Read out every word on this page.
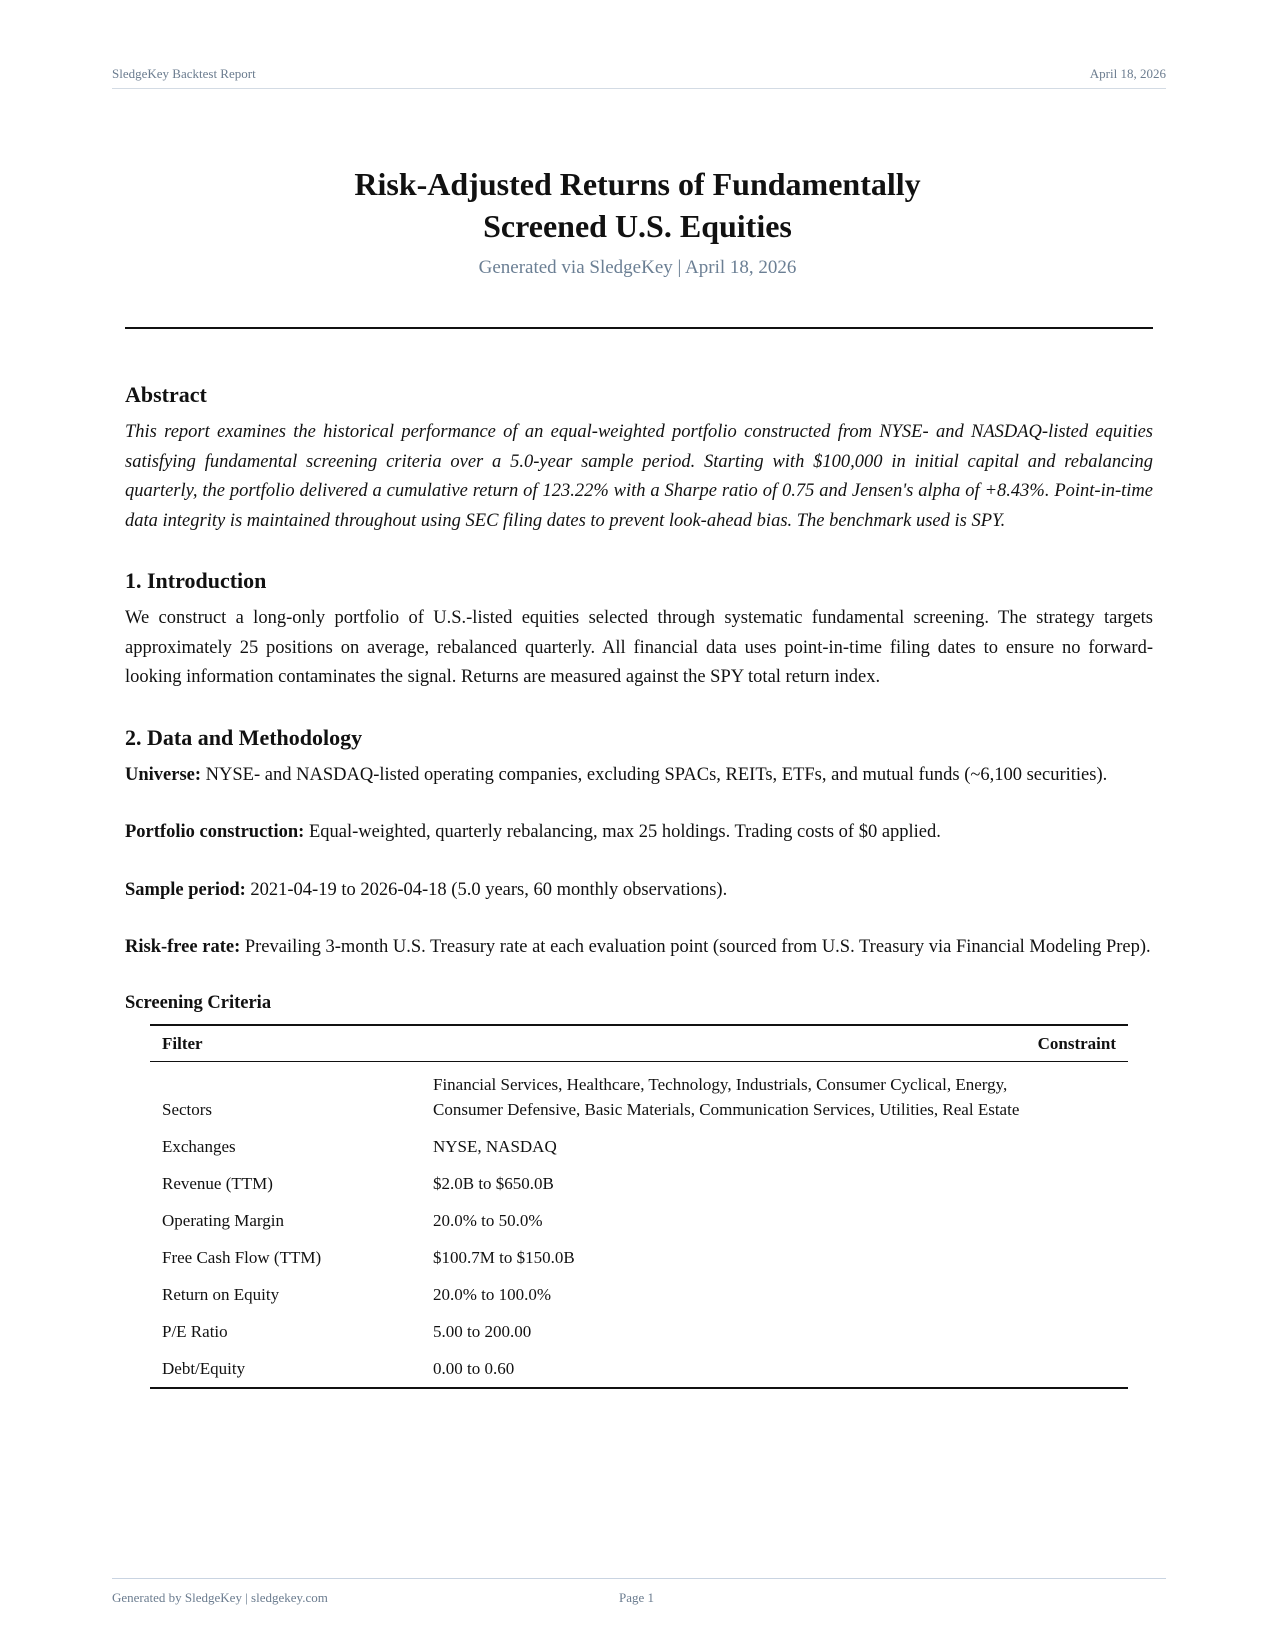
SledgeKey Backtest Report	April 18, 2026
Risk-Adjusted Returns of Fundamentally
Screened U.S. Equities
Generated via SledgeKey | April 18, 2026
Abstract

This report examines the historical performance of an equal-weighted portfolio constructed from NYSE- and NASDAQ-listed equities satisfying fundamental screening criteria over a 5.0-year sample period. Starting with $100,000 in initial capital and rebalancing quarterly, the portfolio delivered a cumulative return of 123.22% with a Sharpe ratio of 0.75 and Jensen's alpha of +8.43%. Point-in-time data integrity is maintained throughout using SEC filing dates to prevent look-ahead bias. The benchmark used is SPY.

1. Introduction

We construct a long-only portfolio of U.S.-listed equities selected through systematic fundamental screening. The strategy targets approximately 25 positions on average, rebalanced quarterly. All financial data uses point-in-time filing dates to ensure no forward-looking information contaminates the signal. Returns are measured against the SPY total return index.

2. Data and Methodology

Universe: NYSE- and NASDAQ-listed operating companies, excluding SPACs, REITs, ETFs, and mutual funds (~6,100 securities).

Portfolio construction: Equal-weighted, quarterly rebalancing, max 25 holdings. Trading costs of $0 applied.

Sample period: 2021-04-19 to 2026-04-18 (5.0 years, 60 monthly observations).

Risk-free rate: Prevailing 3-month U.S. Treasury rate at each evaluation point (sourced from U.S. Treasury via Financial Modeling Prep).

Screening Criteria
Filter	Constraint
Sectors	Financial Services, Healthcare, Technology, Industrials, Consumer Cyclical, Energy,
Consumer Defensive, Basic Materials, Communication Services, Utilities, Real Estate
Exchanges	NYSE, NASDAQ
Revenue (TTM)	$2.0B to $650.0B
Operating Margin	20.0% to 50.0%
Free Cash Flow (TTM)	$100.7M to $150.0B
Return on Equity	20.0% to 100.0%
P/E Ratio	5.00 to 200.00
Debt/Equity	0.00 to 0.60
Generated by SledgeKey | sledgekey.com	Page 1
